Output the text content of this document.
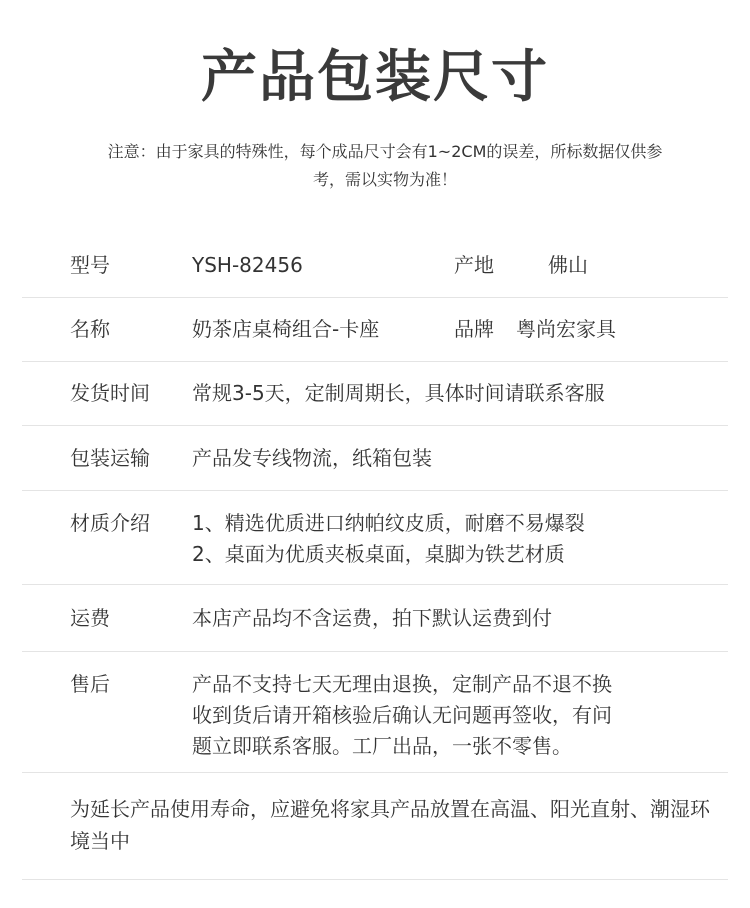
产品包装尺寸
注意：由于家具的特殊性，每个成品尺寸会有1~2CM的误差，所标数据仅供参考，需以实物为准！
型号	YSH-82456	产地	佛山
名称	奶茶店桌椅组合-卡座	品牌 粤尚宏家具
发货时间 常规3-5天，定制周期长，具体时间请联系客服
包装运输 产品发专线物流，纸箱包装
材质介绍 1、精选优质进口纳帕纹皮质，耐磨不易爆裂
2、桌面为优质夹板桌面，桌脚为铁艺材质
运费	本店产品均不含运费，拍下默认运费到付
售后	产品不支持七天无理由退换，定制产品不退不换
收到货后请开箱核验后确认无问题再签收，有问
题立即联系客服。工厂出品，一张不零售。
为延长产品使用寿命，应避免将家具产品放置在高温、阳光直射、潮湿环境当中
